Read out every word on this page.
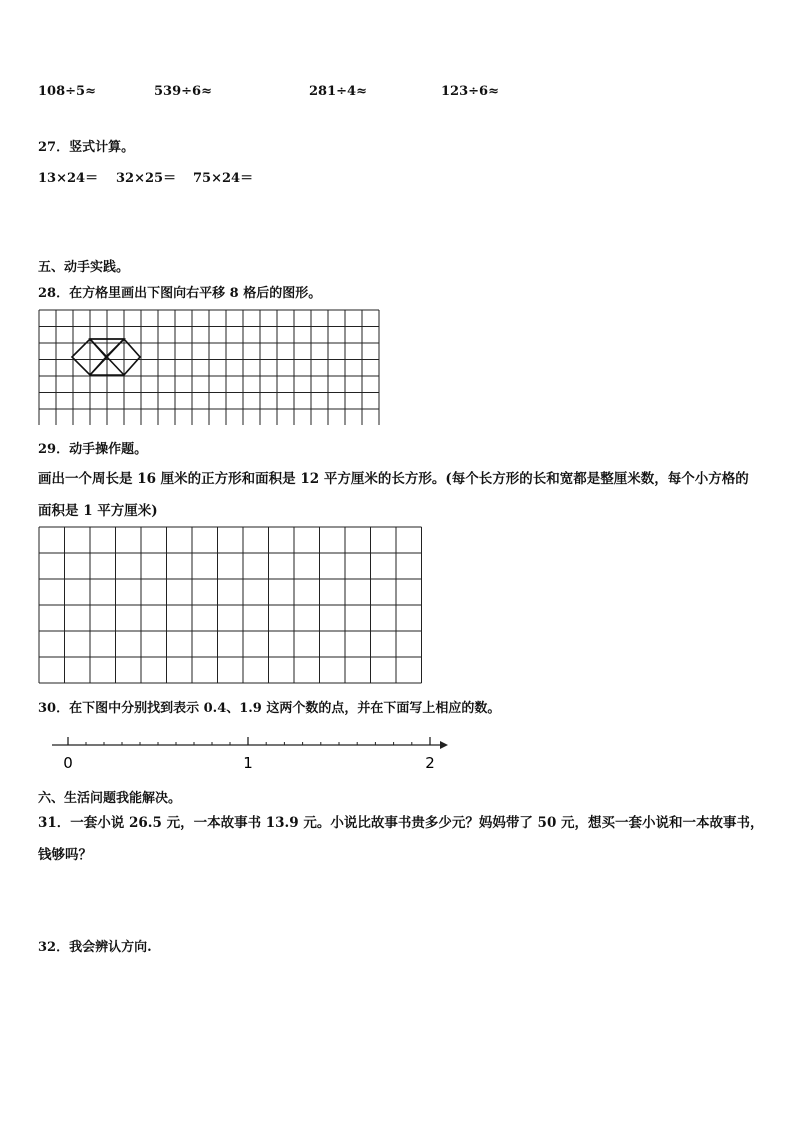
108÷5≈	539÷6≈	281÷4≈	123÷6≈
27．竖式计算。
13×24＝ 32×25＝ 75×24＝
五、动手实践。
28．在方格里画出下图向右平移 8 格后的图形。
29．动手操作题。
画出一个周长是 16 厘米的正方形和面积是 12 平方厘米的长方形。(每个长方形的长和宽都是整厘米数，每个小方格的
面积是 1 平方厘米)
30．在下图中分别找到表示 0.4、1.9 这两个数的点，并在下面写上相应的数。
0	1	2
六、生活问题我能解决。
31．一套小说 26.5 元，一本故事书 13.9 元。小说比故事书贵多少元？妈妈带了 50 元，想买一套小说和一本故事书，
钱够吗？
32．我会辨认方向.
